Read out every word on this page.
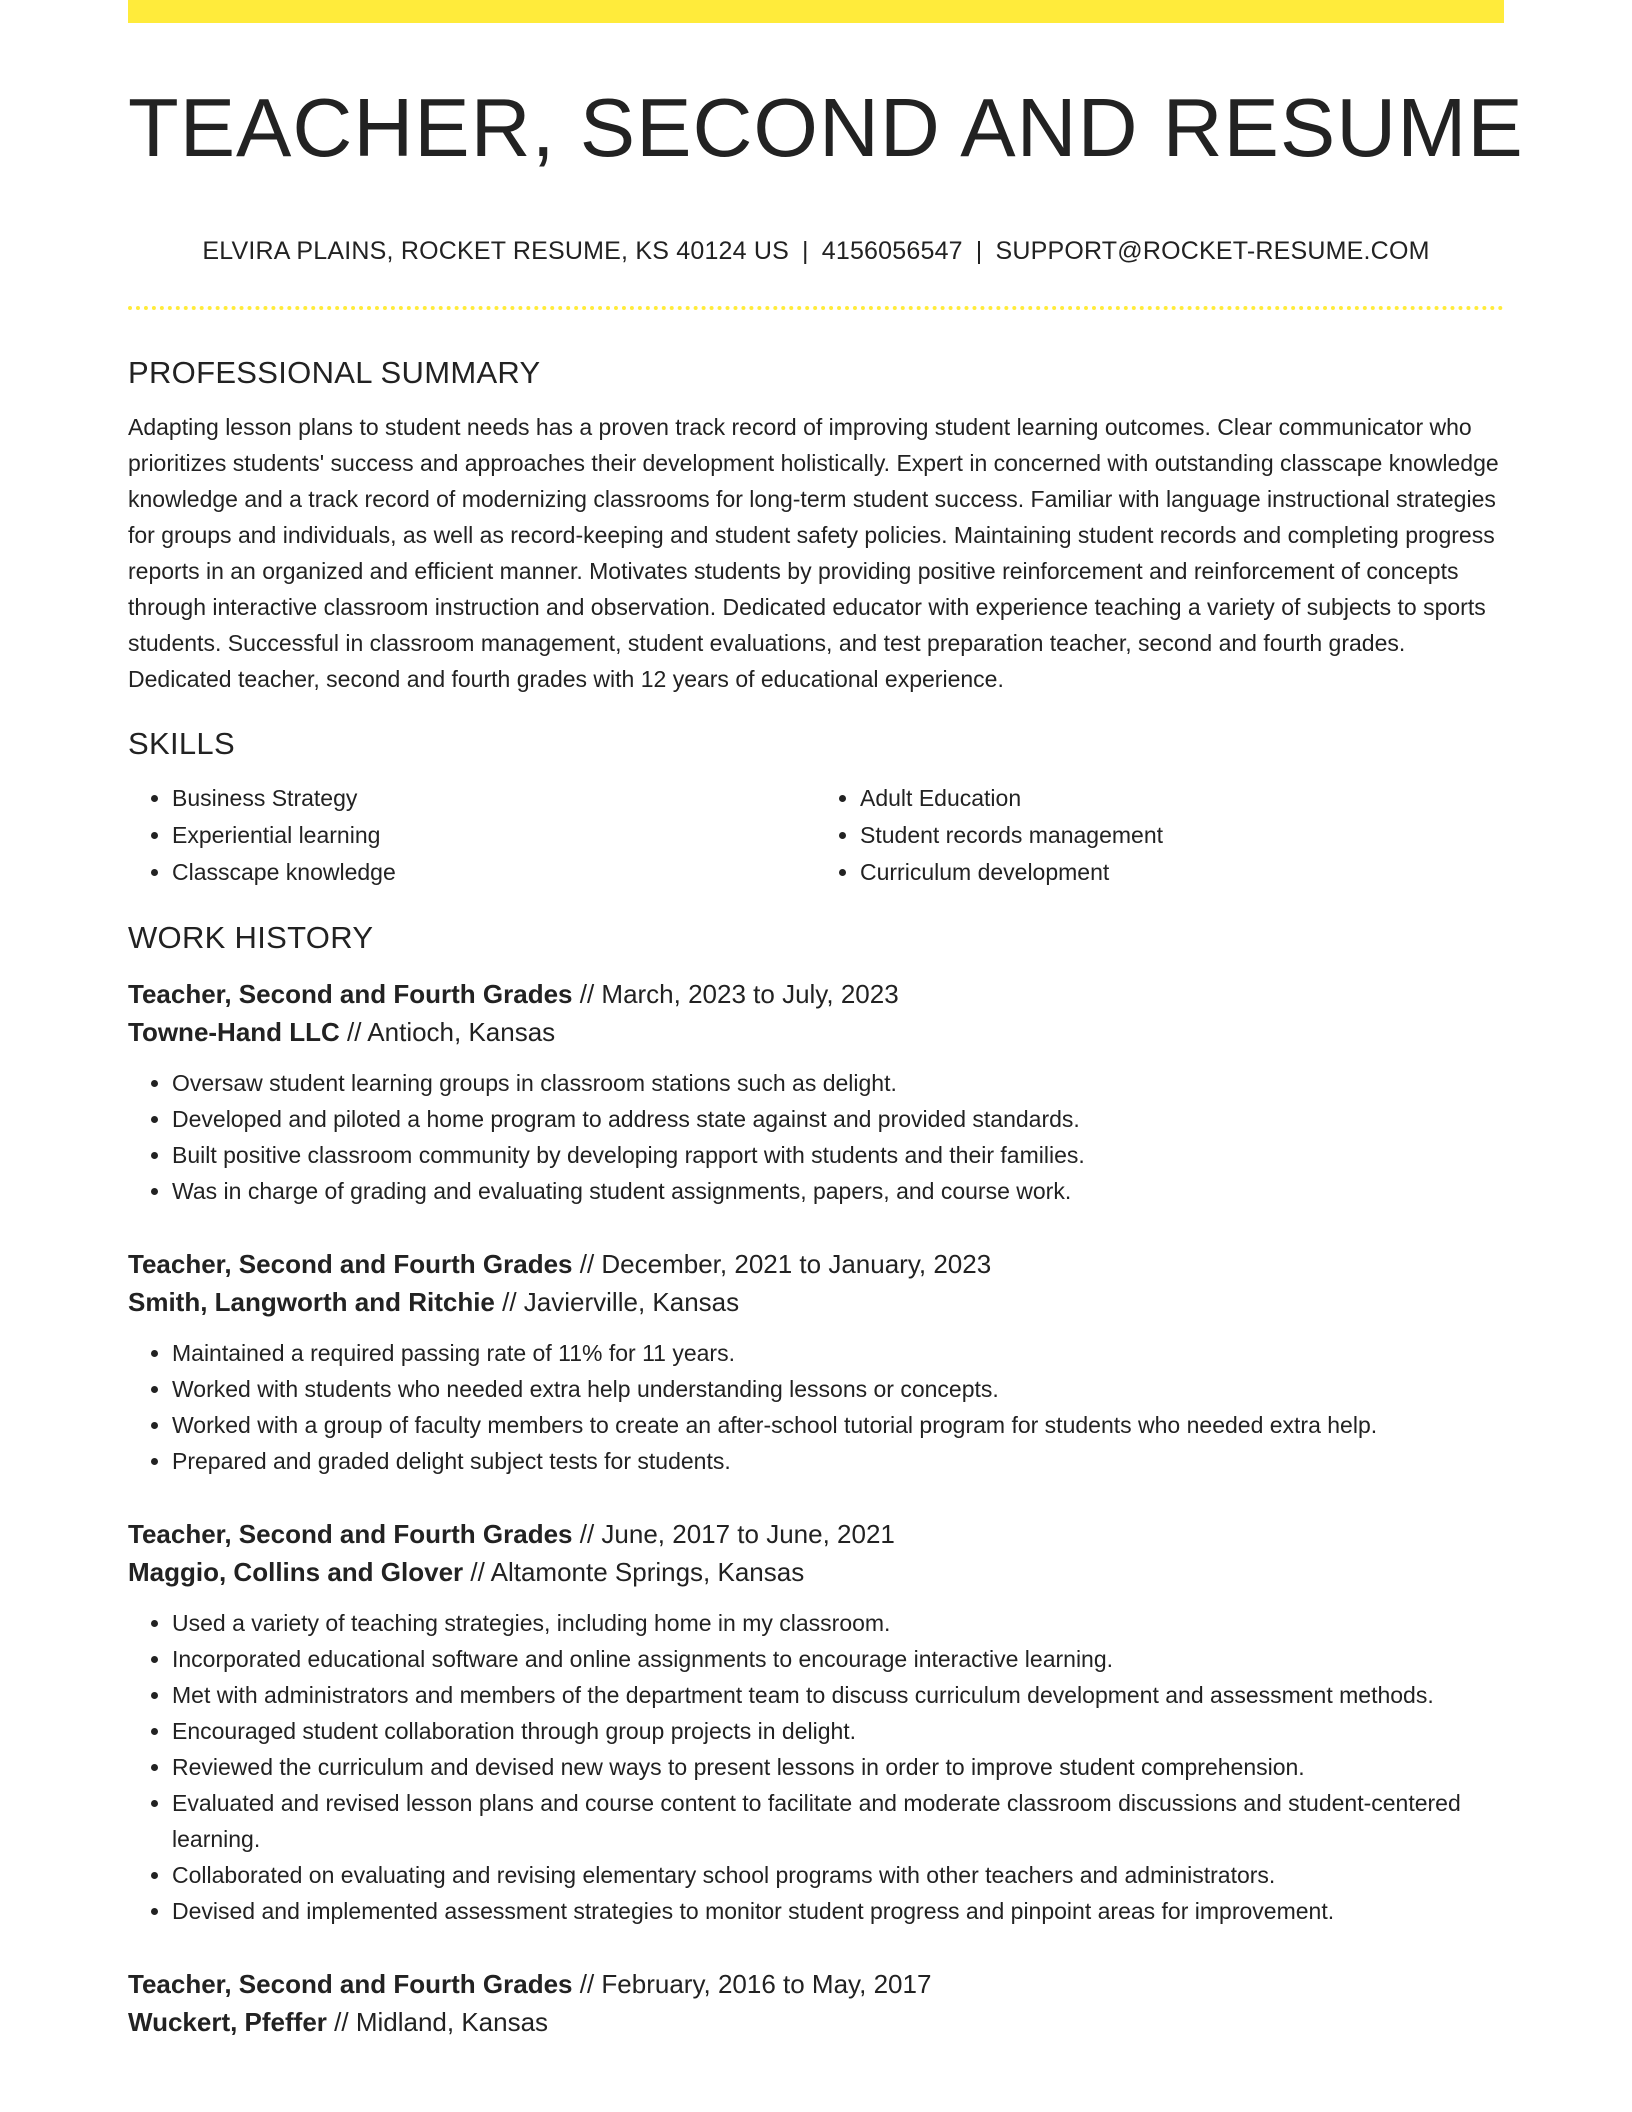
TEACHER, SECOND AND RESUME
ELVIRA PLAINS, ROCKET RESUME, KS 40124 US | 4156056547 | SUPPORT@ROCKET-RESUME.COM
PROFESSIONAL SUMMARY

Adapting lesson plans to student needs has a proven track record of improving student learning outcomes. Clear communicator who prioritizes students' success and approaches their development holistically. Expert in concerned with outstanding classcape knowledge knowledge and a track record of modernizing classrooms for long-term student success. Familiar with language instructional strategies for groups and individuals, as well as record-keeping and student safety policies. Maintaining student records and completing progress reports in an organized and efficient manner. Motivates students by providing positive reinforcement and reinforcement of concepts through interactive classroom instruction and observation. Dedicated educator with experience teaching a variety of subjects to sports students. Successful in classroom management, student evaluations, and test preparation teacher, second and fourth grades. Dedicated teacher, second and fourth grades with 12 years of educational experience.

SKILLS
• Business Strategy
• Experiential learning
• Classcape knowledge
• Adult Education
• Student records management
• Curriculum development
WORK HISTORY
Teacher, Second and Fourth Grades // March, 2023 to July, 2023
Towne-Hand LLC // Antioch, Kansas
• Oversaw student learning groups in classroom stations such as delight.
• Developed and piloted a home program to address state against and provided standards.
• Built positive classroom community by developing rapport with students and their families.
• Was in charge of grading and evaluating student assignments, papers, and course work.
Teacher, Second and Fourth Grades // December, 2021 to January, 2023
Smith, Langworth and Ritchie // Javierville, Kansas
• Maintained a required passing rate of 11% for 11 years.
• Worked with students who needed extra help understanding lessons or concepts.
• Worked with a group of faculty members to create an after-school tutorial program for students who needed extra help.
• Prepared and graded delight subject tests for students.
Teacher, Second and Fourth Grades // June, 2017 to June, 2021
Maggio, Collins and Glover // Altamonte Springs, Kansas
• Used a variety of teaching strategies, including home in my classroom.
• Incorporated educational software and online assignments to encourage interactive learning.
• Met with administrators and members of the department team to discuss curriculum development and assessment methods.
• Encouraged student collaboration through group projects in delight.
• Reviewed the curriculum and devised new ways to present lessons in order to improve student comprehension.
• Evaluated and revised lesson plans and course content to facilitate and moderate classroom discussions and student-centered learning.
• Collaborated on evaluating and revising elementary school programs with other teachers and administrators.
• Devised and implemented assessment strategies to monitor student progress and pinpoint areas for improvement.
Teacher, Second and Fourth Grades // February, 2016 to May, 2017
Wuckert, Pfeffer // Midland, Kansas
